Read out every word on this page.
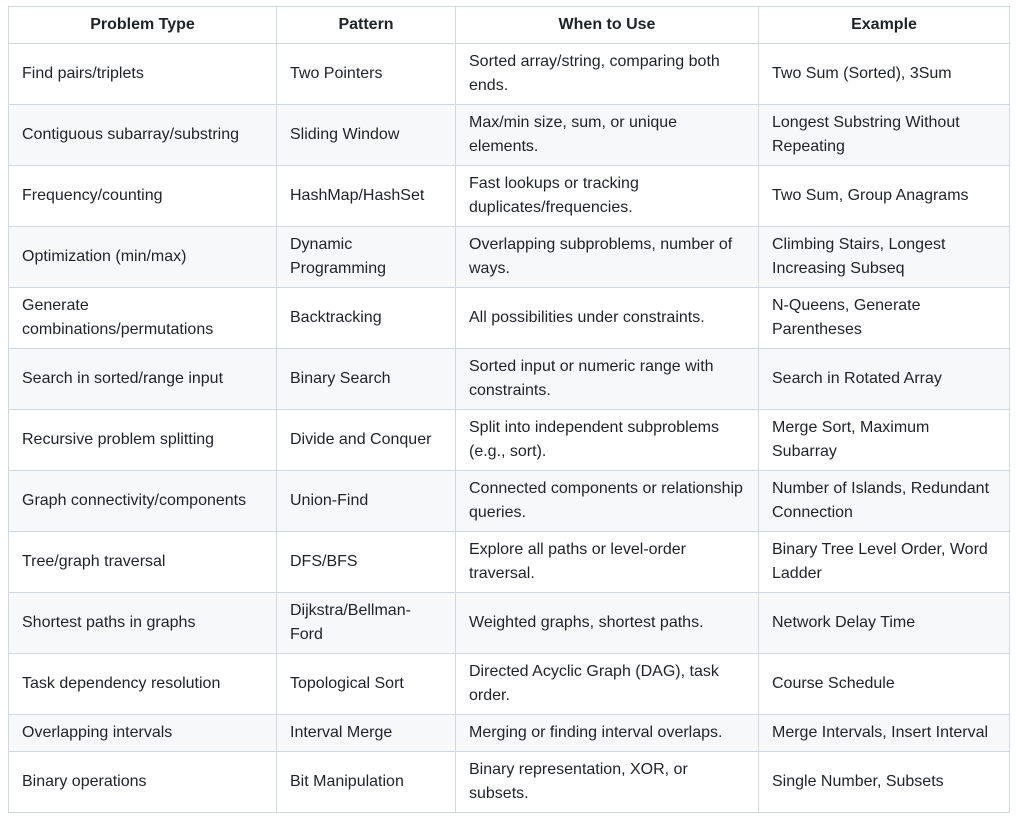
Problem Type	Pattern	When to Use	Example
Find pairs/triplets	Two Pointers	Sorted array/string, comparing both ends.	Two Sum (Sorted), 3Sum
Contiguous subarray/substring	Sliding Window	Max/min size, sum, or unique elements.	Longest Substring Without Repeating
Frequency/counting	HashMap/HashSet	Fast lookups or tracking duplicates/frequencies.	Two Sum, Group Anagrams
Optimization (min/max)	Dynamic Programming	Overlapping subproblems, number of ways.	Climbing Stairs, Longest Increasing Subseq
Generate combinations/permutations	Backtracking	All possibilities under constraints.	N-Queens, Generate Parentheses
Search in sorted/range input	Binary Search	Sorted input or numeric range with constraints.	Search in Rotated Array
Recursive problem splitting	Divide and Conquer	Split into independent subproblems (e.g., sort).	Merge Sort, Maximum Subarray
Graph connectivity/components	Union-Find	Connected components or relationship queries.	Number of Islands, Redundant Connection
Tree/graph traversal	DFS/BFS	Explore all paths or level-order traversal.	Binary Tree Level Order, Word Ladder
Shortest paths in graphs	Dijkstra/Bellman-Ford	Weighted graphs, shortest paths.	Network Delay Time
Task dependency resolution	Topological Sort	Directed Acyclic Graph (DAG), task order.	Course Schedule
Overlapping intervals	Interval Merge	Merging or finding interval overlaps.	Merge Intervals, Insert Interval
Binary operations	Bit Manipulation	Binary representation, XOR, or subsets.	Single Number, Subsets
